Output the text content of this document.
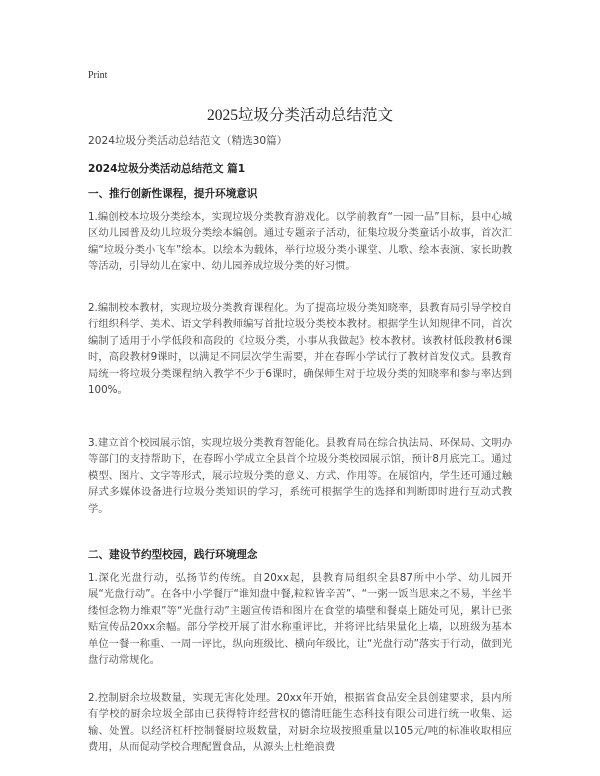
Print
2025垃圾分类活动总结范文
2024垃圾分类活动总结范文（精选30篇）
2024垃圾分类活动总结范文 篇1
一、推行创新性课程，提升环境意识

1.编创校本垃圾分类绘本，实现垃圾分类教育游戏化。以学前教育“一园一品”目标，县中心城区幼儿园普及幼儿垃圾分类绘本编创。通过专题亲子活动，征集垃圾分类童话小故事，首次汇编“垃圾分类小飞车”绘本。以绘本为载体，举行垃圾分类小课堂、儿歌、绘本表演、家长助教等活动，引导幼儿在家中、幼儿园养成垃圾分类的好习惯。

2.编制校本教材，实现垃圾分类教育课程化。为了提高垃圾分类知晓率，县教育局引导学校自行组织科学、美术、语文学科教师编写首批垃圾分类校本教材。根据学生认知规律不同，首次编制了适用于小学低段和高段的《垃圾分类，小事从我做起》校本教材。该教材低段教材6课时，高段教材9课时，以满足不同层次学生需要，并在春晖小学试行了教材首发仪式。县教育局统一将垃圾分类课程纳入教学不少于6课时，确保师生对于垃圾分类的知晓率和参与率达到100%。

3.建立首个校园展示馆，实现垃圾分类教育智能化。县教育局在综合执法局、环保局、文明办等部门的支持帮助下，在春晖小学成立全县首个垃圾分类校园展示馆，预计8月底完工。通过模型、图片、文字等形式，展示垃圾分类的意义、方式、作用等。在展馆内，学生还可通过触屏式多媒体设备进行垃圾分类知识的学习，系统可根据学生的选择和判断即时进行互动式教学。

二、建设节约型校园，践行环境理念

1.深化光盘行动，弘扬节约传统。自20xx起，县教育局组织全县87所中小学、幼儿园开展“光盘行动”。在各中小学餐厅“谁知盘中餐,粒粒皆辛苦”、“一粥一饭当思来之不易，半丝半缕恒念物力维艰”等“光盘行动”主题宣传语和图片在食堂的墙壁和餐桌上随处可见，累计已张贴宣传品20xx余幅。部分学校开展了泔水称重评比，并将评比结果量化上墙，以班级为基本单位一餐一称重、一周一评比，纵向班级比、横向年级比，让“光盘行动”落实于行动，做到光盘行动常规化。

2.控制厨余垃圾数量，实现无害化处理。20xx年开始，根据省食品安全县创建要求，县内所有学校的厨余垃圾全部由已获得特许经营权的德清旺能生态科技有限公司进行统一收集、运输、处置。以经济杠杆控制餐厨垃圾数量，对厨余垃圾按照重量以105元/吨的标准收取相应费用，从而促动学校合理配置食品，从源头上杜绝浪费
